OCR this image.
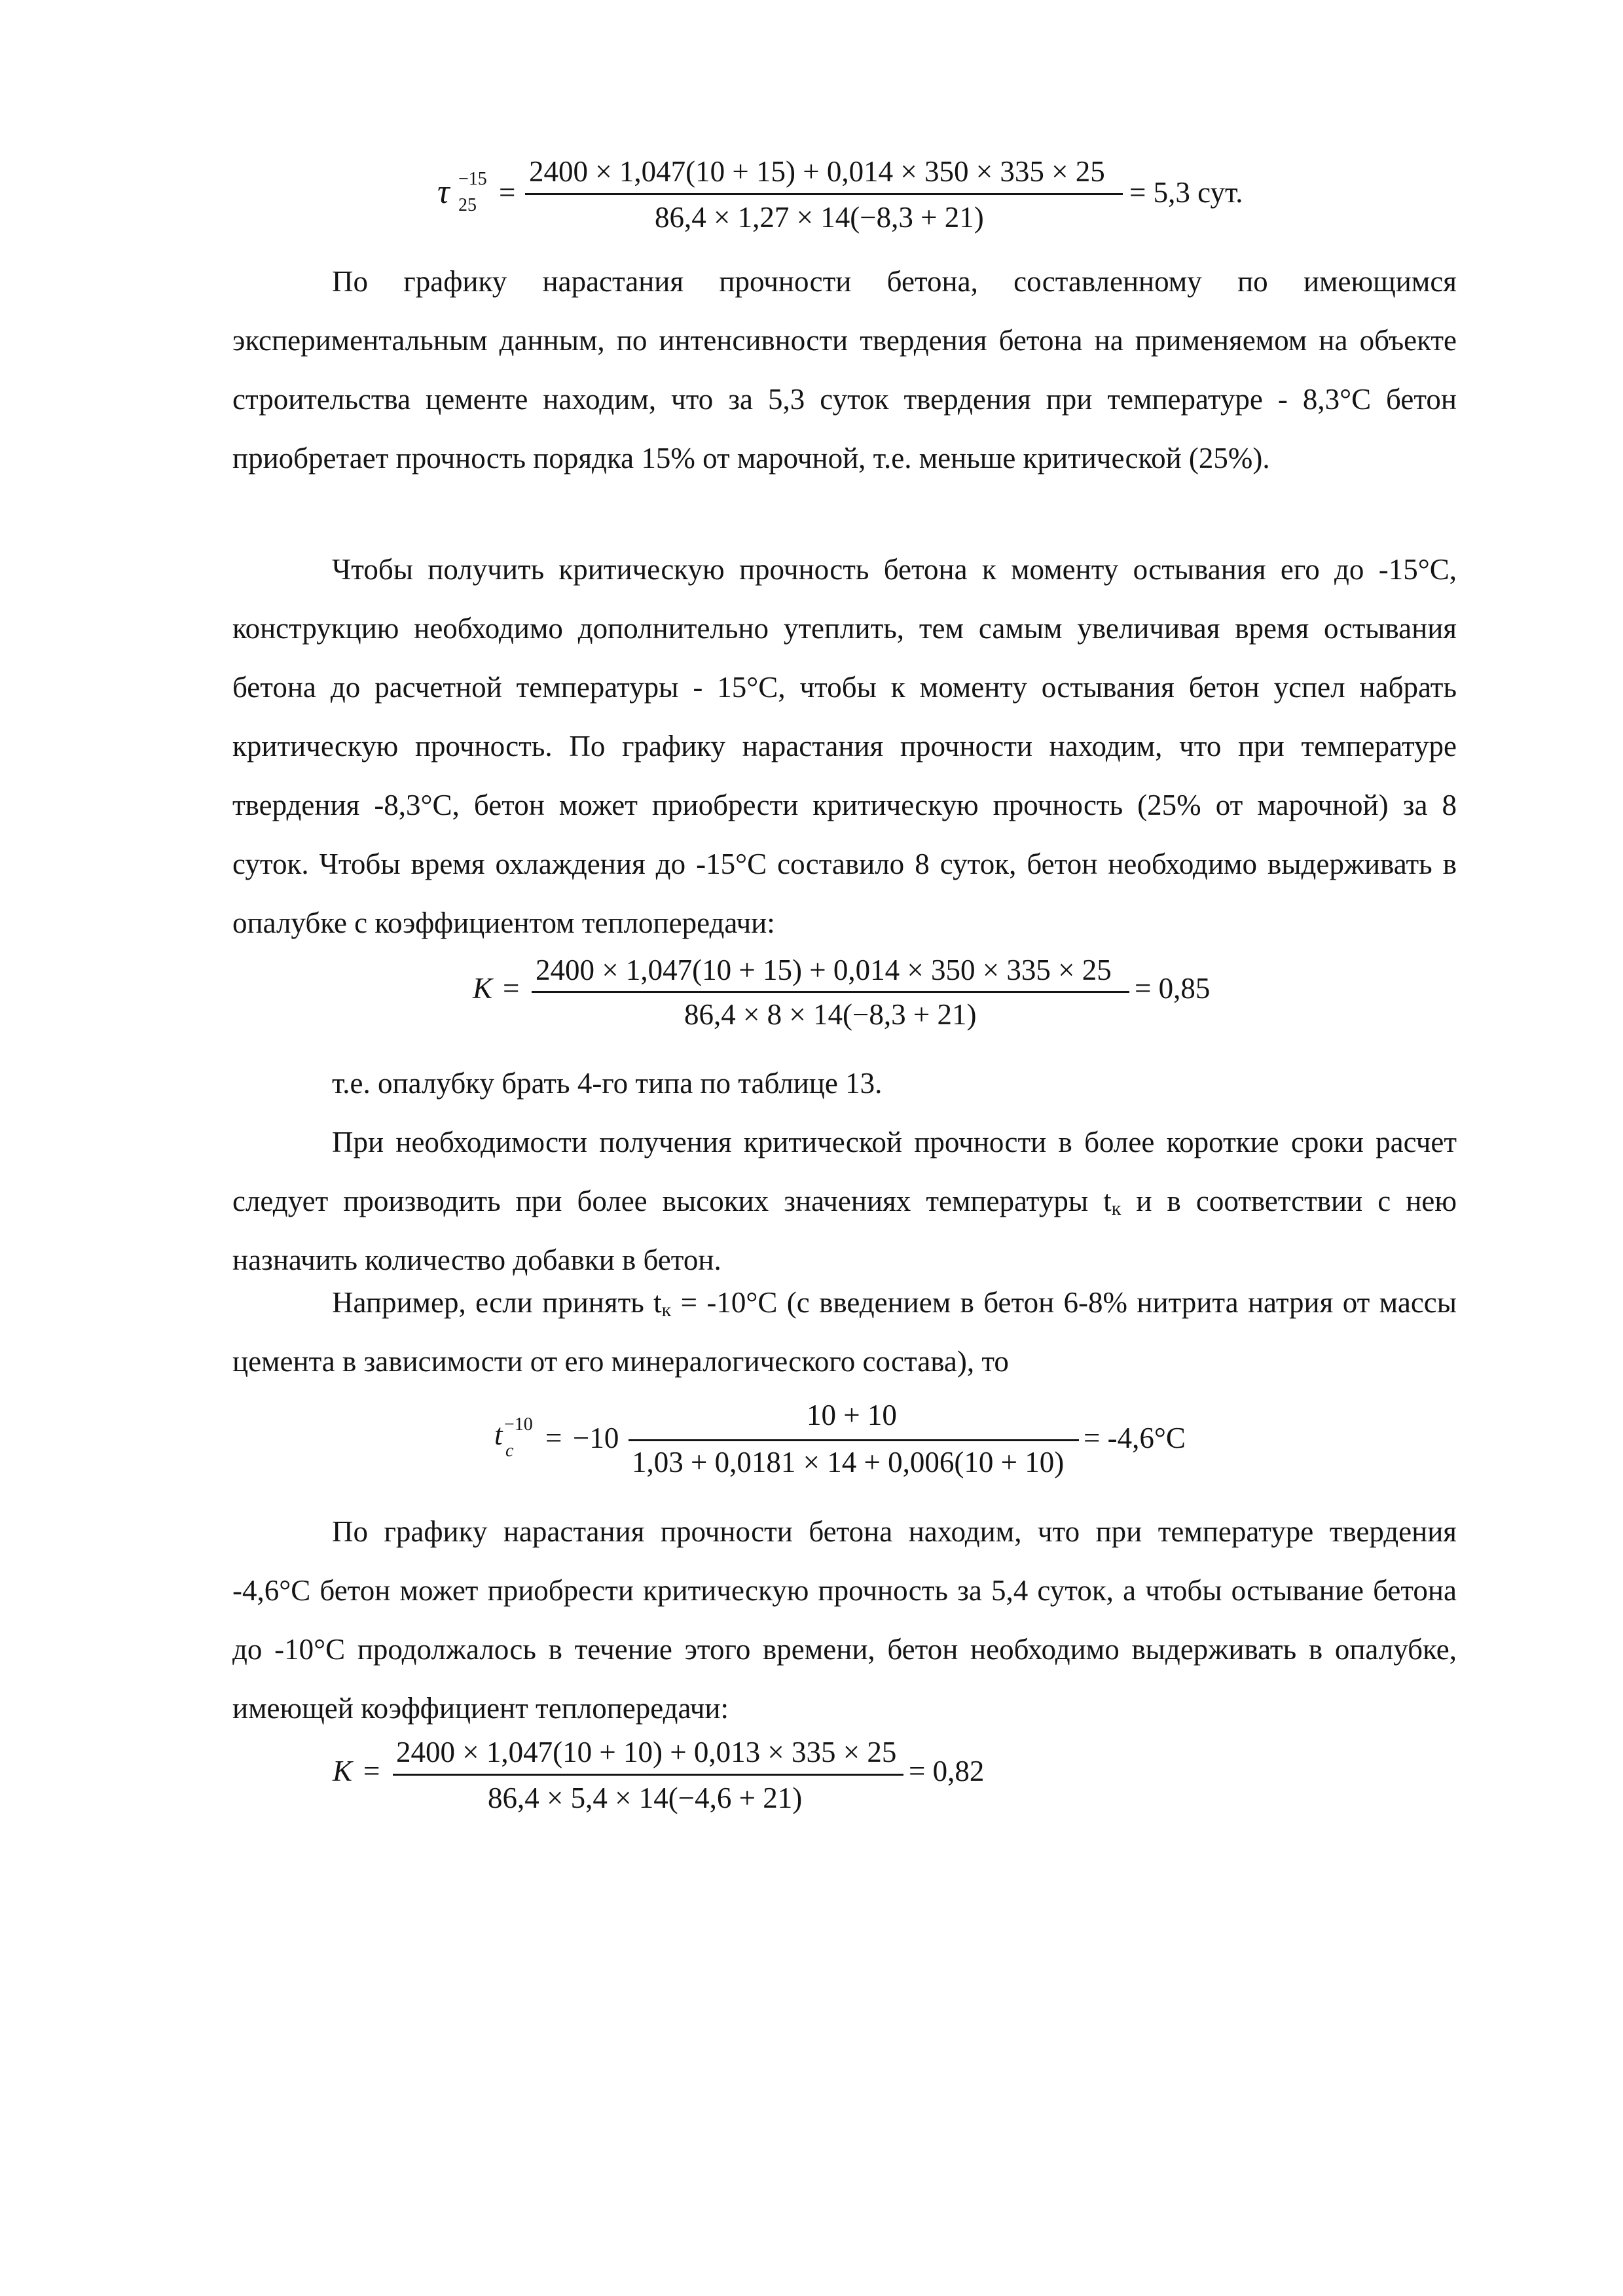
τ −15
25 =
2400 × 1,047(10 + 15) + 0,014 × 350 × 335 × 25
86,4 × 1,27 × 14(−8,3 + 21)
= 5,3 сут.

По графику нарастания прочности бетона, составленному по имеющимся экспериментальным данным, по интенсивности твердения бетона на применяемом на объекте строительства цементе находим, что за 5,3 суток твердения при температуре - 8,3°C бетон приобретает прочность порядка 15% от марочной, т.е. меньше критической (25%).

Чтобы получить критическую прочность бетона к моменту остывания его до -15°С, конструкцию необходимо дополнительно утеплить, тем самым увеличивая время остывания бетона до расчетной температуры - 15°С, чтобы к моменту остывания бетон успел набрать критическую прочность. По графику нарастания прочности находим, что при температуре твердения -8,3°С, бетон может приобрести критическую прочность (25% от марочной) за 8 суток. Чтобы время охлаждения до -15°С составило 8 суток, бетон необходимо выдерживать в опалубке с коэффициентом теплопередачи:

K =
2400 × 1,047(10 + 15) + 0,014 × 350 × 335 × 25
86,4 × 8 × 14(−8,3 + 21)
= 0,85

т.е. опалубку брать 4-го типа по таблице 13.

При необходимости получения критической прочности в более короткие сроки расчет следует производить при более высоких значениях температуры $t_к$ и в соответствии с нею назначить количество добавки в бетон.

Например, если принять $t_к = -10^\circ С$ (с введением в бетон 6-8% нитрита натрия от массы цемента в зависимости от его минералогического состава), то

t −10
c = −10
10 + 10
1,03 + 0,0181 × 14 + 0,006(10 + 10)
= -4,6°C

По графику нарастания прочности бетона находим, что при температуре твердения -4,6°С бетон может приобрести критическую прочность за 5,4 суток, а чтобы остывание бетона до -10°С продолжалось в течение этого времени, бетон необходимо выдерживать в опалубке, имеющей коэффициент теплопередачи:

K =
2400 × 1,047(10 + 10) + 0,013 × 335 × 25
86,4 × 5,4 × 14(−4,6 + 21)
= 0,82
